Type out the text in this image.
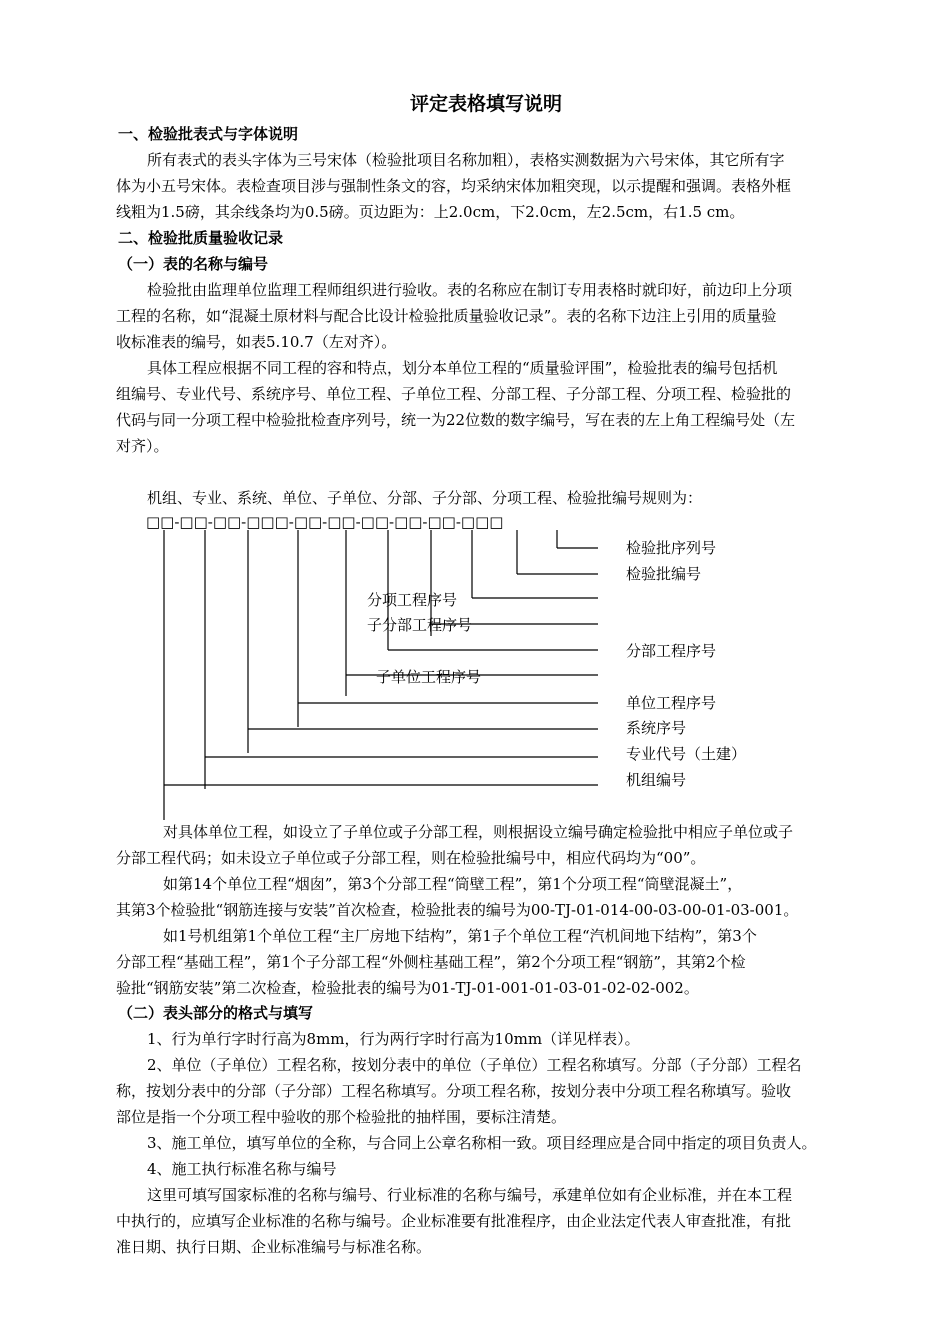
评定表格填写说明
一、检验批表式与字体说明
所有表式的表头字体为三号宋体（检验批项目名称加粗），表格实测数据为六号宋体，其它所有字
体为小五号宋体。表检查项目涉与强制性条文的容，均采纳宋体加粗突现，以示提醒和强调。表格外框
线粗为1.5磅，其余线条均为0.5磅。页边距为：上2.0cm，下2.0cm，左2.5cm，右1.5 cm。
二、检验批质量验收记录
（一）表的名称与编号
检验批由监理单位监理工程师组织进行验收。表的名称应在制订专用表格时就印好，前边印上分项
工程的名称，如“混凝土原材料与配合比设计检验批质量验收记录”。表的名称下边注上引用的质量验
收标准表的编号，如表5.10.7（左对齐）。
具体工程应根据不同工程的容和特点，划分本单位工程的“质量验评围”，检验批表的编号包括机
组编号、专业代号、系统序号、单位工程、子单位工程、分部工程、子分部工程、分项工程、检验批的
代码与同一分项工程中检验批检查序列号，统一为22位数的数字编号，写在表的左上角工程编号处（左
对齐）。
机组、专业、系统、单位、子单位、分部、子分部、分项工程、检验批编号规则为：
□□-□□-□□-□□□-□□-□□-□□-□□-□□-□□□
检验批序列号
检验批编号
分项工程序号
子分部工程序号
分部工程序号
子单位工程序号
单位工程序号
系统序号
专业代号（土建）
机组编号
对具体单位工程，如设立了子单位或子分部工程，则根据设立编号确定检验批中相应子单位或子
分部工程代码；如未设立子单位或子分部工程，则在检验批编号中，相应代码均为“00”。
如第14个单位工程“烟囱”，第3个分部工程“筒壁工程”，第1个分项工程“筒壁混凝土”，
其第3个检验批“钢筋连接与安装”首次检查，检验批表的编号为00-TJ-01-014-00-03-00-01-03-001。
如1号机组第1个单位工程“主厂房地下结构”，第1子个单位工程“汽机间地下结构”，第3个
分部工程“基础工程”，第1个子分部工程“外侧柱基础工程”，第2个分项工程“钢筋”，其第2个检
验批“钢筋安装”第二次检查，检验批表的编号为01-TJ-01-001-01-03-01-02-02-002。
（二）表头部分的格式与填写
1、行为单行字时行高为8mm，行为两行字时行高为10mm（详见样表）。
2、单位（子单位）工程名称，按划分表中的单位（子单位）工程名称填写。分部（子分部）工程名
称，按划分表中的分部（子分部）工程名称填写。分项工程名称，按划分表中分项工程名称填写。验收
部位是指一个分项工程中验收的那个检验批的抽样围，要标注清楚。
3、施工单位，填写单位的全称，与合同上公章名称相一致。项目经理应是合同中指定的项目负责人。
4、施工执行标准名称与编号
这里可填写国家标准的名称与编号、行业标准的名称与编号，承建单位如有企业标准，并在本工程
中执行的，应填写企业标准的名称与编号。企业标准要有批准程序，由企业法定代表人审查批准，有批
准日期、执行日期、企业标准编号与标准名称。
